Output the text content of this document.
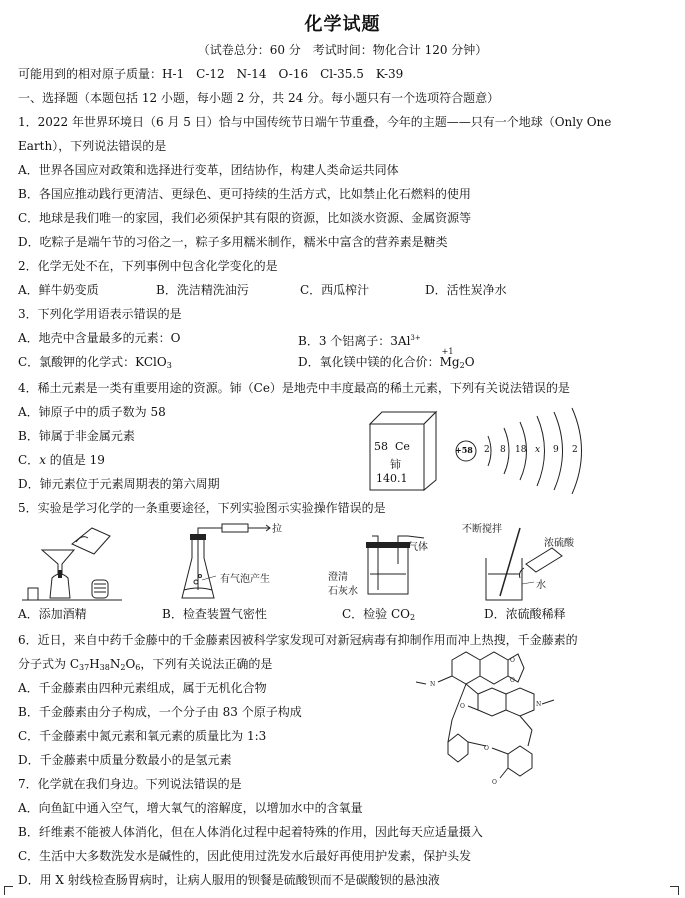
化学试题
（试卷总分：60 分　考试时间：物化合计 120 分钟）
可能用到的相对原子质量：H-1　C-12　N-14　O-16　Cl-35.5　K-39
一、选择题（本题包括 12 小题，每小题 2 分，共 24 分。每小题只有一个选项符合题意）
1．2022 年世界环境日（6 月 5 日）恰与中国传统节日端午节重叠，今年的主题——只有一个地球（Only One
Earth），下列说法错误的是
A．世界各国应对政策和选择进行变革，团结协作，构建人类命运共同体
B．各国应推动践行更清洁、更绿色、更可持续的生活方式，比如禁止化石燃料的使用
C．地球是我们唯一的家园，我们必须保护其有限的资源，比如淡水资源、金属资源等
D．吃粽子是端午节的习俗之一，粽子多用糯米制作，糯米中富含的营养素是糖类
2．化学无处不在，下列事例中包含化学变化的是
A．鲜牛奶变质	B．洗洁精洗油污	C．西瓜榨汁	D．活性炭净水
3．下列化学用语表示错误的是
A．地壳中含量最多的元素：O	B．3 个铝离子：$3Al^{3+}$
C．氯酸钾的化学式：KClO$_3$	D．氧化镁中镁的化合价：
+1
$Mg_2O$
4．稀土元素是一类有重要用途的资源。铈（Ce）是地壳中丰度最高的稀土元素，下列有关说法错误的是
A．铈原子中的质子数为 58
B．铈属于非金属元素
C．x 的值是 19
D．铈元素位于元素周期表的第六周期
58 Ce
铈
140.1
+58 2 8 18 x 9 2
5．实验是学习化学的一条重要途径，下列实验图示实验操作错误的是
拉
有气泡产生
气体
澄清
石灰水
不断搅拌
浓硫酸
水
A．添加酒精	B．检查装置气密性	C．检验 $CO_2$	D．浓硫酸稀释
6．近日，来自中药千金藤中的千金藤素因被科学家发现可对新冠病毒有抑制作用而冲上热搜，千金藤素的
分子式为 $C_{37}H_{38}N_2O_6$，下列有关说法正确的是
A．千金藤素由四种元素组成，属于无机化合物
B．千金藤素由分子构成，一个分子由 83 个原子构成
C．千金藤素中氮元素和氧元素的质量比为 1:3
D．千金藤素中质量分数最小的是氢元素
O
O
N
N
O
O
O
7．化学就在我们身边。下列说法错误的是
A．向鱼缸中通入空气，增大氧气的溶解度，以增加水中的含氧量
B．纤维素不能被人体消化，但在人体消化过程中起着特殊的作用，因此每天应适量摄入
C．生活中大多数洗发水是碱性的，因此使用过洗发水后最好再使用护发素，保护头发
D．用 X 射线检查肠胃病时，让病人服用的钡餐是硫酸钡而不是碳酸钡的悬浊液
